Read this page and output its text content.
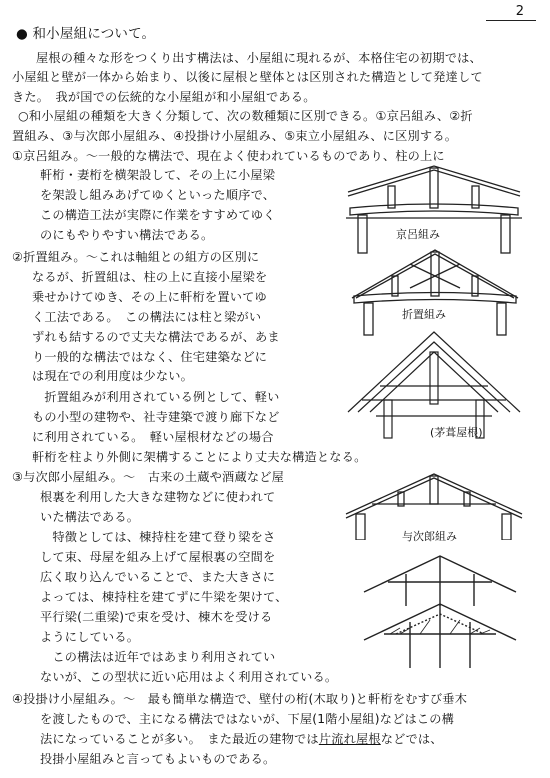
2
● 和小屋組について。
屋根の種々な形をつくり出す構法は、小屋組に現れるが、本格住宅の初期では、
小屋組と壁が一体から始まり、以後に屋根と壁体とは区別された構造として発達して
きた。　我が国での伝統的な小屋組が和小屋組である。
○和小屋組の種類を大きく分類して、次の数種類に区別できる。①京呂組み、②折
置組み、③与次郎小屋組み、④投掛け小屋組み、⑤束立小屋組み、に区別する。
①京呂組み。〜一般的な構法で、現在よく使われているものであり、柱の上に
軒桁・妻桁を横架設して、その上に小屋梁
を架設し組みあげてゆくといった順序で、
この構造工法が実際に作業をすすめてゆく
のにもやりやすい構法である。
②折置組み。〜これは軸組との組方の区別に
なるが、折置組は、柱の上に直接小屋梁を
乗せかけてゆき、その上に軒桁を置いてゆ
く工法である。　この構法には柱と梁がい
ずれも結するので丈夫な構法であるが、あま
り一般的な構法ではなく、住宅建築などに
は現在での利用度は少ない。
　折置組みが利用されている例として、軽い
もの小型の建物や、社寺建築で渡り廊下など
に利用されている。　軽い屋根材などの場合
軒桁を柱より外側に架構することにより丈夫な構造となる。
③与次郎小屋組み。〜　古来の土蔵や酒蔵など屋
根裏を利用した大きな建物などに使われて
いた構法である。
　特徴としては、棟持柱を建て登り梁をさ
して束、母屋を組み上げて屋根裏の空間を
広く取り込んでいることで、また大きさに
よっては、棟持柱を建てずに牛梁を架けて、
平行梁(二重梁)で束を受け、棟木を受ける
ようにしている。
　この構法は近年ではあまり利用されてい
ないが、この型状に近い応用はよく利用されている。
④投掛け小屋組み。〜　最も簡単な構造で、壁付の桁(木取り)と軒桁をむすび垂木
を渡したもので、主になる構法ではないが、下屋(1階小屋組)などはこの構
法になっていることが多い。　また最近の建物では片流れ屋根などでは、
投掛小屋組みと言ってもよいものである。
京呂組み
折置組み
(茅葺屋根)
与次郎組み
